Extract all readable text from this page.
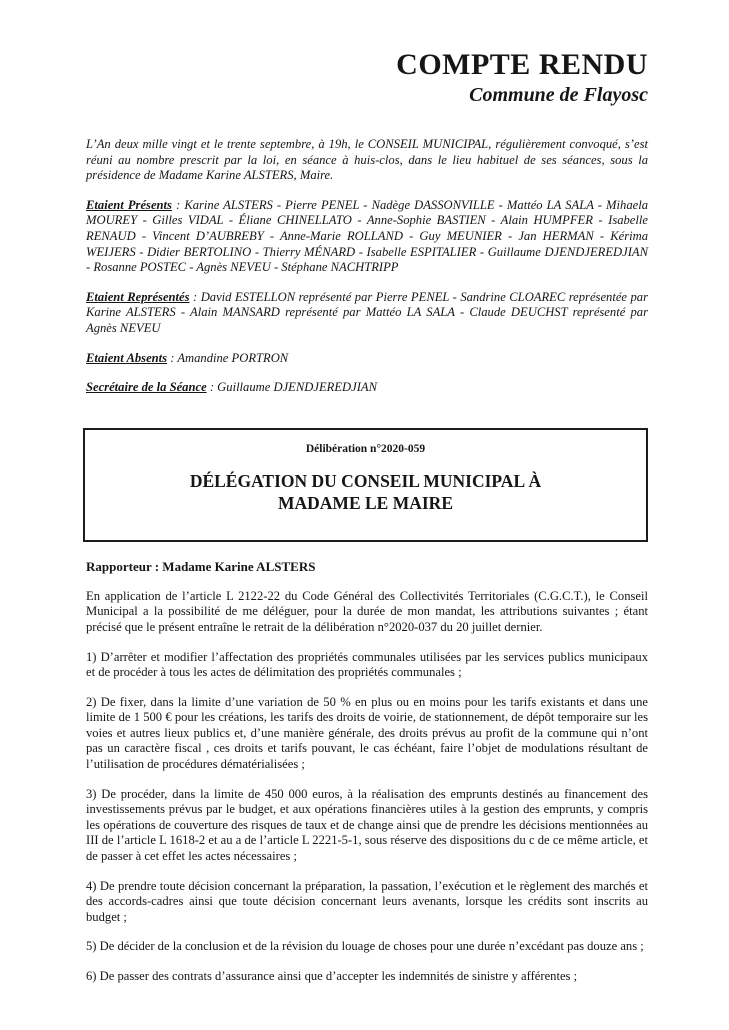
COMPTE RENDU
Commune de Flayosc

L’An deux mille vingt et le trente septembre, à 19h, le CONSEIL MUNICIPAL, régulièrement convoqué, s’est réuni au nombre prescrit par la loi, en séance à huis-clos, dans le lieu habituel de ses séances, sous la présidence de Madame Karine ALSTERS, Maire.

Etaient Présents : Karine ALSTERS - Pierre PENEL - Nadège DASSONVILLE - Mattéo LA SALA - Mihaela MOUREY - Gilles VIDAL - Éliane CHINELLATO - Anne-Sophie BASTIEN - Alain HUMPFER - Isabelle RENAUD - Vincent D’AUBREBY - Anne-Marie ROLLAND - Guy MEUNIER - Jan HERMAN - Kérima WEIJERS - Didier BERTOLINO - Thierry MÉNARD - Isabelle ESPITALIER - Guillaume DJENDJEREDJIAN - Rosanne POSTEC - Agnès NEVEU - Stéphane NACHTRIPP

Etaient Représentés : David ESTELLON représenté par Pierre PENEL - Sandrine CLOAREC représentée par Karine ALSTERS - Alain MANSARD représenté par Mattéo LA SALA - Claude DEUCHST représenté par Agnès NEVEU

Etaient Absents : Amandine PORTRON

Secrétaire de la Séance : Guillaume DJENDJEREDJIAN

Délibération n°2020-059
DÉLÉGATION DU CONSEIL MUNICIPAL À
MADAME LE MAIRE

Rapporteur : Madame Karine ALSTERS

En application de l’article L 2122-22 du Code Général des Collectivités Territoriales (C.G.C.T.), le Conseil Municipal a la possibilité de me déléguer, pour la durée de mon mandat, les attributions suivantes ; étant précisé que le présent entraîne le retrait de la délibération n°2020-037 du 20 juillet dernier.

1) D’arrêter et modifier l’affectation des propriétés communales utilisées par les services publics municipaux et de procéder à tous les actes de délimitation des propriétés communales ;

2) De fixer, dans la limite d’une variation de 50 % en plus ou en moins pour les tarifs existants et dans une limite de 1 500 € pour les créations, les tarifs des droits de voirie, de stationnement, de dépôt temporaire sur les voies et autres lieux publics et, d’une manière générale, des droits prévus au profit de la commune qui n’ont pas un caractère fiscal , ces droits et tarifs pouvant, le cas échéant, faire l’objet de modulations résultant de l’utilisation de procédures dématérialisées ;

3) De procéder, dans la limite de 450 000 euros, à la réalisation des emprunts destinés au financement des investissements prévus par le budget, et aux opérations financières utiles à la gestion des emprunts, y compris les opérations de couverture des risques de taux et de change ainsi que de prendre les décisions mentionnées au III de l’article L 1618-2 et au a de l’article L 2221-5-1, sous réserve des dispositions du c de ce même article, et de passer à cet effet les actes nécessaires ;

4) De prendre toute décision concernant la préparation, la passation, l’exécution et le règlement des marchés et des accords-cadres ainsi que toute décision concernant leurs avenants, lorsque les crédits sont inscrits au budget ;

5) De décider de la conclusion et de la révision du louage de choses pour une durée n’excédant pas douze ans ;

6) De passer des contrats d’assurance ainsi que d’accepter les indemnités de sinistre y afférentes ;
